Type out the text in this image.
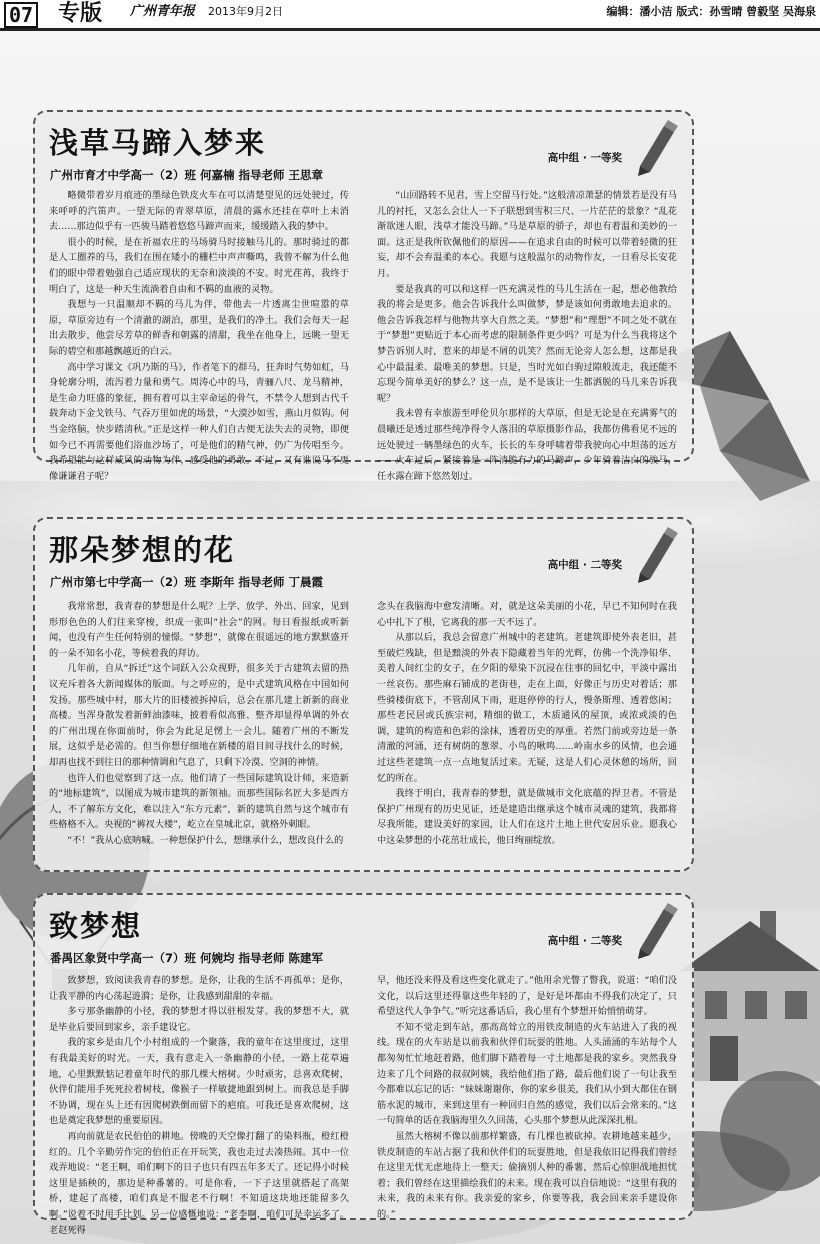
07 专版 广州青年报 2013年9月2日	编辑：潘小洁 版式：孙雪晴 曾毅坚 吴海泉
浅草马蹄入梦来
广州市育才中学高一（2）班 何嘉楠 指导老师 王思章
高中组 · 一等奖

略微带着岁月痕迹的墨绿色铁皮火车在可以清楚望见的远处驶过，传来呼呼的汽笛声。一望无际的青翠草原，清晨的露水还挂在草叶上未消去……那边似乎有一匹骏马踏着悠悠马蹄声而来，缓缓踏入我的梦中。

很小的时候，是在祈福农庄的马场骑马时接触马儿的。那时骑过的都是人工圈养的马，我们在围在矮小的栅栏中声声嘶鸣，我曾不解为什么他们的眼中带着勉强自己适应现状的无奈和淡淡的不安。时光荏苒，我终于明白了，这是一种天生流淌着自由和不羁的血液的灵物。

我想与一只温顺却不羁的马儿为伴，带他去一片透离尘世喧嚣的草原，草原旁边有一个清澈的湖泊，那里，是我们的净土。我们会每天一起出去散步，他尝尽芳草的鲜香和朝露的清甜，我坐在他身上，远眺一望无际的碧空和那越飘越近的白云。

高中学习课文《巩乃斯的马》，作者笔下的群马，狂奔时气势如虹，马身轮廓分明，流泻着力量和勇气。周涛心中的马，青骊八尺、龙马精神，是生命力旺盛的象征，拥有着可以主宰命运的骨气，不禁令人想到古代千载奔动下金戈铁马、气吞万里如虎的场景，“大漠沙如雪，燕山月似钩。何当金络脑，快步踏清秋。”正是这样一种人们自古便无法失去的灵物，即便如今已不再需要他们浴血沙场了，可是他们的精气神，仍广为传唱至今。我希望能与这样威风的动物为伴，感受他的勇敢。不过，又有谁说马不更像谦谦君子呢？

“山回路转不见君，雪上空留马行处。”这般清凉萧瑟的情景若是没有马儿的衬托，又怎么会让人一下子联想到雪积三尺、一片茫茫的景象？“乱花渐欲迷人眼，浅草才能没马蹄。”马是草原的骄子，却也有着温和美妙的一面。这正是我所钦佩他们的原因——在追求自由的时候可以带着轻微的狂妄，却不会弃温柔的本心。我愿与这般温尔的动物作友，一日看尽长安花月。

要是我真的可以和这样一匹充满灵性的马儿生活在一起，想必他教给我的将会是更多。他会告诉我什么叫做梦，梦是该如何勇敢地去追求的。他会告诉我怎样与他物共享大自然之美。“梦想”和“理想”不同之处不就在于“梦想”更贴近于本心而考虑的限制条件更少吗？可是为什么当我将这个梦告诉别人时，惹来的却是不屑的讥笑？然而无论旁人怎么想，这都是我心中最温柔、最唯美的梦想。只是，当时光如白驹过隙般流走，我还能不忘现今简单美好的梦么？这一点，是不是该让一生都洒脱的马儿来告诉我呢？

我未曾有幸旅游至呼伦贝尔那样的大草原，但是无论是在充满雾气的晨曦还是透过那些纯净得令人落泪的草原摄影作品，我都仿佛看见不远的远处驶过一辆墨绿色的火车，长长的车身呼啸着带我驶向心中坦荡的远方——火车过后，紧接着是一阵清脆有力的马蹄声，少年骑着洁白的骏马，任水露在蹄下悠然划过。

那朵梦想的花
广州市第七中学高一（2）班 李斯年 指导老师 丁晨霞
高中组 · 二等奖

我常常想，我青春的梦想是什么呢？上学、放学、外出、回家，见到形形色色的人们往来穿梭，织成一张叫“社会”的网。每日看报纸或听新闻，也没有产生任何特别的憧憬。“梦想”，就像在很遥远的地方默默盛开的一朵不知名小花，等候着我的拜访。

几年前，自从“拆迁”这个词跃入公众视野，很多关于古建筑去留的热议充斥着各大新闻媒体的版面。与之呼应的，是中式建筑风格在中国如何发扬。那些城中村，那大片的旧楼被拆掉后，总会在那儿建上新新的商业高楼。当浑身散发着新鲜油漆味，披着看似高雅、整齐却显得单调的外衣的广州出现在你面前时，你会为此足足愣上一会儿。随着广州的不断发展，这似乎是必需的。但当你想仔细地在新楼的眉目间寻找什么的时候，却再也找不到往日的那种情调和气息了，只剩下冷漠、空洞的神情。

也许人们也觉察到了这一点。他们请了一些国际建筑设计师，来造新的“地标建筑”，以图成为城市建筑的新领袖。而那些国际名匠大多是西方人，不了解东方文化，难以注入“东方元素”，新的建筑自然与这个城市有些格格不入。央视的“裤衩大楼”，屹立在皇城北京，就格外刺眼。

“不！”我从心底呐喊。一种想保护什么，想继承什么，想改良什么的

念头在我脑海中愈发清晰。对，就是这朵美丽的小花，早已不知何时在我心中扎下了根，它离我的那一天不远了。

从那以后，我总会留意广州城中的老建筑。老建筑即使外表老旧，甚至破烂残缺，但是黯淡的外表下隐藏着当年的光辉，仿佛一个洗净铅华、美着人间红尘的女子，在夕阳的晕染下沉浸在往事的回忆中，平淡中露出一丝哀伤。那些麻石铺成的老街巷，走在上面，好像正与历史对着话；那些骑楼街底下，不管刮风下雨，逛逛停停的行人，慢条斯理、透着悠闲；那些老民居或氏族宗祠，精细的做工，木质通风的屋顶，或浓或淡的色调，建筑的构造和色彩的涂抹，透着历史的厚重。若然门前或旁边是一条清澈的河涌，还有树荫的葱翠、小鸟的啾鸣……岭南水乡的风情，也会通过这些老建筑一点一点地复活过来。无疑，这是人们心灵休憩的场所，回忆的所在。

我终于明白，我青春的梦想，就是做城市文化底蕴的捍卫者。不管是保护广州现有的历史见证，还是建造出继承这个城市灵魂的建筑，我都将尽我所能，建设美好的家园，让人们在这片土地上世代安居乐业。愿我心中这朵梦想的小花茁壮成长，他日绚丽绽放。

致梦想
番禺区象贤中学高一（7）班 何婉均 指导老师 陈建军
高中组 · 二等奖

致梦想，致阅读我青春的梦想。是你，让我的生活不再孤单；是你，让我平静的内心荡起涟漪；是你，让我感到甜甜的幸福。

多亏那条幽静的小径，我的梦想才得以驻根发芽。我的梦想不大，就是毕业后要回到家乡，亲手建设它。

我的家乡是由几个小村组成的一个聚落，我的童年在这里度过，这里有我最美好的时光。一天，我有意走入一条幽静的小径，一路上花草遍地，心里默默惦记着童年时代的那几棵大榕树。少时顽劣，总喜欢爬树，伙伴们能用手死死拉着树枝，像猴子一样敏捷地跟到树上。而我总是手脚不协调，现在头上还有因爬树跌倒而留下的疤痕。可我还是喜欢爬树，这也是奠定我梦想的重要原因。

再向前就是农民伯伯的耕地。傍晚的天空像打翻了的染料瓶，橙红橙红的。几个辛勤劳作完的伯伯正在开玩笑，我也走过去凑热闹。其中一位戏弄地说：“老王啊，咱们啊下的日子也只有四五年多天了。还记得小时候这里是插秧的，那边是种番薯的。可是你看，一下子这里就搭起了高架桥，建起了高楼，咱们真是不服老不行啊！不知道这块地还能留多久啊。”说着不时用手比划。另一位感慨地说：“老李啊，咱们可是幸运多了。老赵死得

早，他还没来得及看这些变化就走了。”他用余光瞥了瞥我，说道：“咱们没文化，以后这里还得靠这些年轻的了，是好是坏都由不得我们决定了，只希望这代人争争气。”听完这番话后，我心里有个梦想开始悄悄萌芽。

不知不觉走到车站，那高高耸立的用铁皮制造的火车站进入了我的视线。现在的火车站是以前我和伙伴们玩耍的胜地。人头涌涌的车站每个人都匆匆忙忙地赶着路，他们脚下踏着每一寸土地都是我的家乡。突然我身边来了几个问路的叔叔阿姨，我给他们指了路，最后他们说了一句让我至今都难以忘记的话：“妹妹谢谢你，你的家乡很美，我们从小到大都住在钢筋水泥的城市，来到这里有一种回归自然的感觉，我们以后会常来的。”这一句简单的话在我脑海里久久回荡，心头那个梦想从此深深扎根。

虽然大榕树不像以前那样繁盛，有几棵也被砍掉。农耕地越来越少，铁皮制造的车站占据了我和伙伴们的玩耍胜地，但是我依旧记得我们曾经在这里无忧无虑地待上一整天；偷摘别人种的番薯，然后心惊胆战地担忧着；我们曾经在这里描绘我们的未来。现在我可以自信地说：“这里有我的未来，我的未来有你。我亲爱的家乡，你要等我，我会回来亲手建设你的。”
